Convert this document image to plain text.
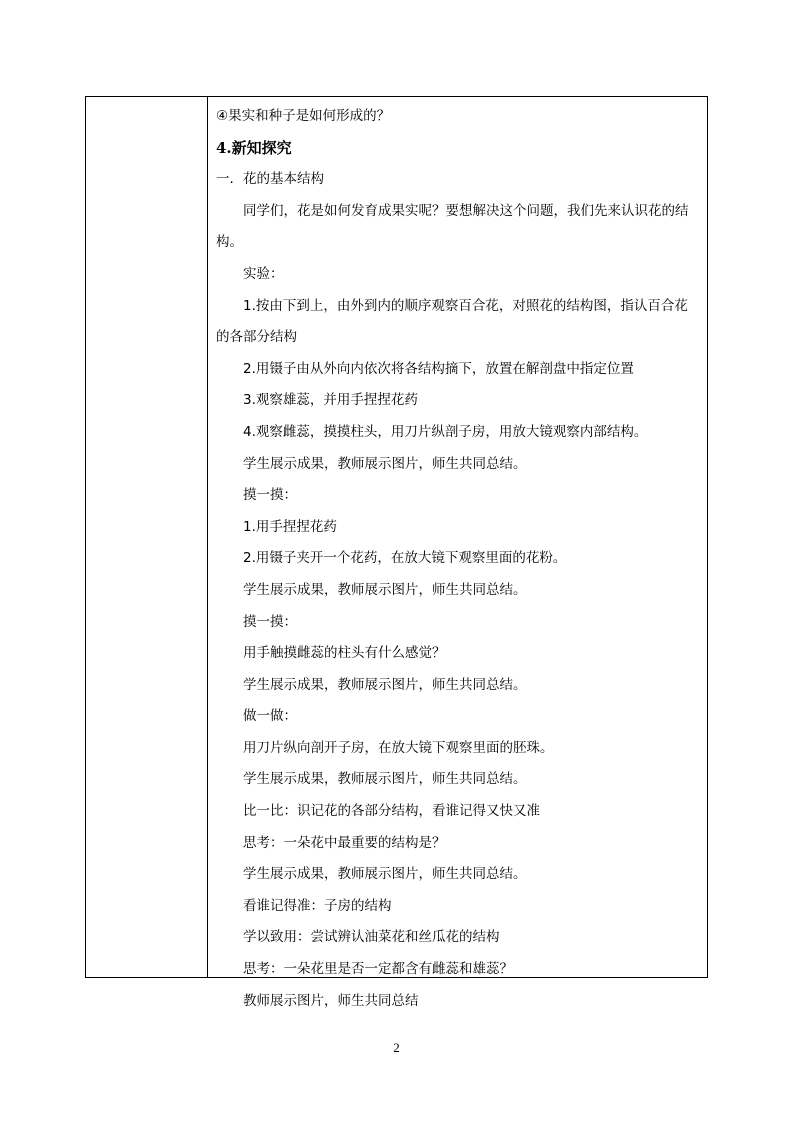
④果实和种子是如何形成的？
4.新知探究
一．花的基本结构
同学们，花是如何发育成果实呢？要想解决这个问题，我们先来认识花的结
构。
实验：
1.按由下到上，由外到内的顺序观察百合花，对照花的结构图，指认百合花
的各部分结构
2.用镊子由从外向内依次将各结构摘下，放置在解剖盘中指定位置
3.观察雄蕊，并用手捏捏花药
4.观察雌蕊，摸摸柱头，用刀片纵剖子房，用放大镜观察内部结构。
学生展示成果，教师展示图片，师生共同总结。
摸一摸：
1.用手捏捏花药
2.用镊子夹开一个花药，在放大镜下观察里面的花粉。
学生展示成果，教师展示图片，师生共同总结。
摸一摸：
用手触摸雌蕊的柱头有什么感觉？
学生展示成果，教师展示图片，师生共同总结。
做一做：
用刀片纵向剖开子房，在放大镜下观察里面的胚珠。
学生展示成果，教师展示图片，师生共同总结。
比一比：识记花的各部分结构，看谁记得又快又准
思考：一朵花中最重要的结构是？
学生展示成果，教师展示图片，师生共同总结。
看谁记得准：子房的结构
学以致用：尝试辨认油菜花和丝瓜花的结构
思考：一朵花里是否一定都含有雌蕊和雄蕊？
教师展示图片，师生共同总结
2
